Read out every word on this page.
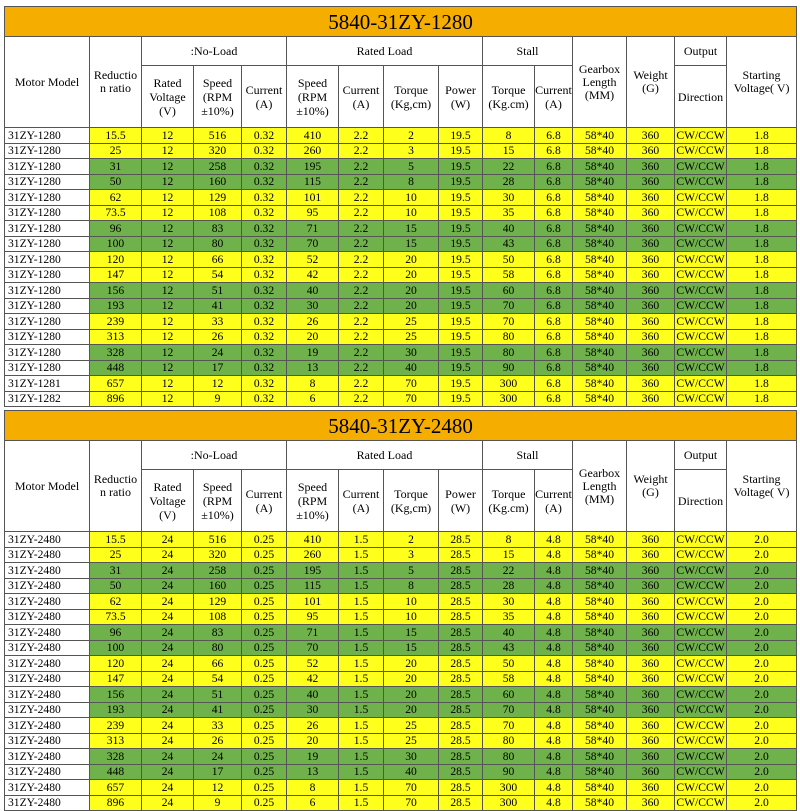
5840-31ZY-1280														
Motor Model	Reductio n ratio	:No-Load			Rated Load				Stall		Gearbox Length (MM)	Weight (G)	Output	Starting Voltage( V)
		Rated Voltage (V)	Speed (RPM ±10%)	Current (A)	Speed (RPM ±10%)	Current (A)	Torque (Kg,cm)	Power (W)	Torque (Kg.cm)	Current (A)			Direction	
31ZY-1280	15.5	12	516	0.32	410	2.2	2	19.5	8	6.8	58*40	360	CW/CCW	1.8
31ZY-1280	25	12	320	0.32	260	2.2	3	19.5	15	6.8	58*40	360	CW/CCW	1.8
31ZY-1280	31	12	258	0.32	195	2.2	5	19.5	22	6.8	58*40	360	CW/CCW	1.8
31ZY-1280	50	12	160	0.32	115	2.2	8	19.5	28	6.8	58*40	360	CW/CCW	1.8
31ZY-1280	62	12	129	0.32	101	2.2	10	19.5	30	6.8	58*40	360	CW/CCW	1.8
31ZY-1280	73.5	12	108	0.32	95	2.2	10	19.5	35	6.8	58*40	360	CW/CCW	1.8
31ZY-1280	96	12	83	0.32	71	2.2	15	19.5	40	6.8	58*40	360	CW/CCW	1.8
31ZY-1280	100	12	80	0.32	70	2.2	15	19.5	43	6.8	58*40	360	CW/CCW	1.8
31ZY-1280	120	12	66	0.32	52	2.2	20	19.5	50	6.8	58*40	360	CW/CCW	1.8
31ZY-1280	147	12	54	0.32	42	2.2	20	19.5	58	6.8	58*40	360	CW/CCW	1.8
31ZY-1280	156	12	51	0.32	40	2.2	20	19.5	60	6.8	58*40	360	CW/CCW	1.8
31ZY-1280	193	12	41	0.32	30	2.2	20	19.5	70	6.8	58*40	360	CW/CCW	1.8
31ZY-1280	239	12	33	0.32	26	2.2	25	19.5	70	6.8	58*40	360	CW/CCW	1.8
31ZY-1280	313	12	26	0.32	20	2.2	25	19.5	80	6.8	58*40	360	CW/CCW	1.8
31ZY-1280	328	12	24	0.32	19	2.2	30	19.5	80	6.8	58*40	360	CW/CCW	1.8
31ZY-1280	448	12	17	0.32	13	2.2	40	19.5	90	6.8	58*40	360	CW/CCW	1.8
31ZY-1281	657	12	12	0.32	8	2.2	70	19.5	300	6.8	58*40	360	CW/CCW	1.8
31ZY-1282	896	12	9	0.32	6	2.2	70	19.5	300	6.8	58*40	360	CW/CCW	1.8
5840-31ZY-2480														
Motor Model	Reductio n ratio	:No-Load			Rated Load				Stall		Gearbox Length (MM)	Weight (G)	Output	Starting Voltage( V)
		Rated Voltage (V)	Speed (RPM ±10%)	Current (A)	Speed (RPM ±10%)	Current (A)	Torque (Kg,cm)	Power (W)	Torque (Kg.cm)	Current (A)			Direction	
31ZY-2480	15.5	24	516	0.25	410	1.5	2	28.5	8	4.8	58*40	360	CW/CCW	2.0
31ZY-2480	25	24	320	0.25	260	1.5	3	28.5	15	4.8	58*40	360	CW/CCW	2.0
31ZY-2480	31	24	258	0.25	195	1.5	5	28.5	22	4.8	58*40	360	CW/CCW	2.0
31ZY-2480	50	24	160	0.25	115	1.5	8	28.5	28	4.8	58*40	360	CW/CCW	2.0
31ZY-2480	62	24	129	0.25	101	1.5	10	28.5	30	4.8	58*40	360	CW/CCW	2.0
31ZY-2480	73.5	24	108	0.25	95	1.5	10	28.5	35	4.8	58*40	360	CW/CCW	2.0
31ZY-2480	96	24	83	0.25	71	1.5	15	28.5	40	4.8	58*40	360	CW/CCW	2.0
31ZY-2480	100	24	80	0.25	70	1.5	15	28.5	43	4.8	58*40	360	CW/CCW	2.0
31ZY-2480	120	24	66	0.25	52	1.5	20	28.5	50	4.8	58*40	360	CW/CCW	2.0
31ZY-2480	147	24	54	0.25	42	1.5	20	28.5	58	4.8	58*40	360	CW/CCW	2.0
31ZY-2480	156	24	51	0.25	40	1.5	20	28.5	60	4.8	58*40	360	CW/CCW	2.0
31ZY-2480	193	24	41	0.25	30	1.5	20	28.5	70	4.8	58*40	360	CW/CCW	2.0
31ZY-2480	239	24	33	0.25	26	1.5	25	28.5	70	4.8	58*40	360	CW/CCW	2.0
31ZY-2480	313	24	26	0.25	20	1.5	25	28.5	80	4.8	58*40	360	CW/CCW	2.0
31ZY-2480	328	24	24	0.25	19	1.5	30	28.5	80	4.8	58*40	360	CW/CCW	2.0
31ZY-2480	448	24	17	0.25	13	1.5	40	28.5	90	4.8	58*40	360	CW/CCW	2.0
31ZY-2480	657	24	12	0.25	8	1.5	70	28.5	300	4.8	58*40	360	CW/CCW	2.0
31ZY-2480	896	24	9	0.25	6	1.5	70	28.5	300	4.8	58*40	360	CW/CCW	2.0
